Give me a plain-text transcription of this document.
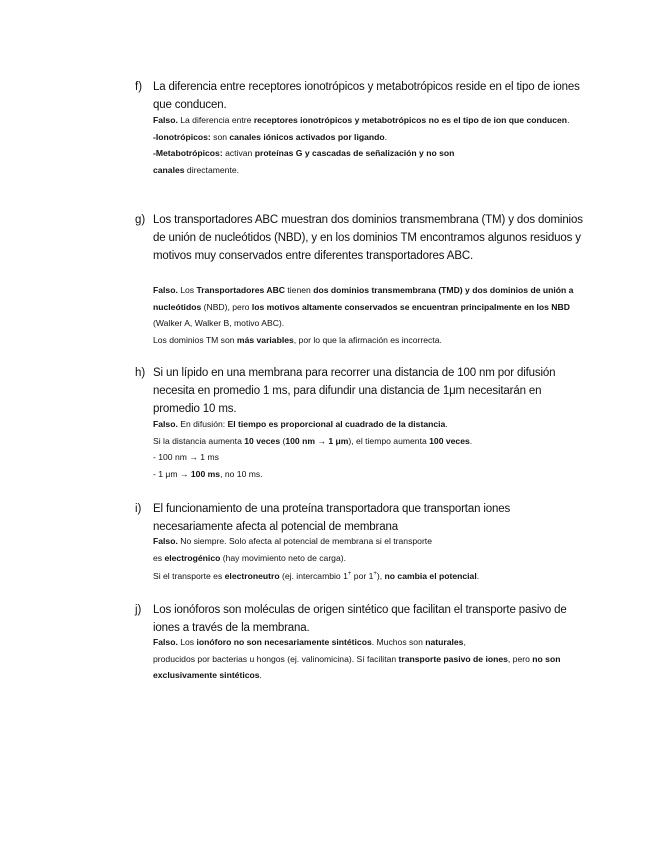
f) La diferencia entre receptores ionotrópicos y metabotrópicos reside en el tipo de iones que conducen.

Falso. La diferencia entre receptores ionotrópicos y metabotrópicos no es el tipo de ion que conducen.

-Ionotrópicos: son canales iónicos activados por ligando.

-Metabotrópicos: activan proteínas G y cascadas de señalización y no son

canales directamente.

g) Los transportadores ABC muestran dos dominios transmembrana (TM) y dos dominios de unión de nucleótidos (NBD), y en los dominios TM encontramos algunos residuos y motivos muy conservados entre diferentes transportadores ABC.

Falso. Los Transportadores ABC tienen dos dominios transmembrana (TMD) y dos dominios de unión a nucleótidos (NBD), pero los motivos altamente conservados se encuentran principalmente en los NBD (Walker A, Walker B, motivo ABC).

Los dominios TM son más variables, por lo que la afirmación es incorrecta.

h) Si un lípido en una membrana para recorrer una distancia de 100 nm por difusión necesita en promedio 1 ms, para difundir una distancia de 1μm necesitarán en promedio 10 ms.

Falso. En difusión: El tiempo es proporcional al cuadrado de la distancia.

Si la distancia aumenta 10 veces (100 nm → 1 μm), el tiempo aumenta 100 veces.

- 100 nm → 1 ms

- 1 μm → 100 ms, no 10 ms.

i) El funcionamiento de una proteína transportadora que transportan iones necesariamente afecta al potencial de membrana

Falso. No siempre. Solo afecta al potencial de membrana si el transporte

es electrogénico (hay movimiento neto de carga).

Si el transporte es electroneutro (ej. intercambio 1+ por 1+), no cambia el potencial.

j) Los ionóforos son moléculas de origen sintético que facilitan el transporte pasivo de iones a través de la membrana.

Falso. Los ionóforo no son necesariamente sintéticos. Muchos son naturales,

producidos por bacterias u hongos (ej. valinomicina). Sí facilitan transporte pasivo de iones, pero no son exclusivamente sintéticos.
